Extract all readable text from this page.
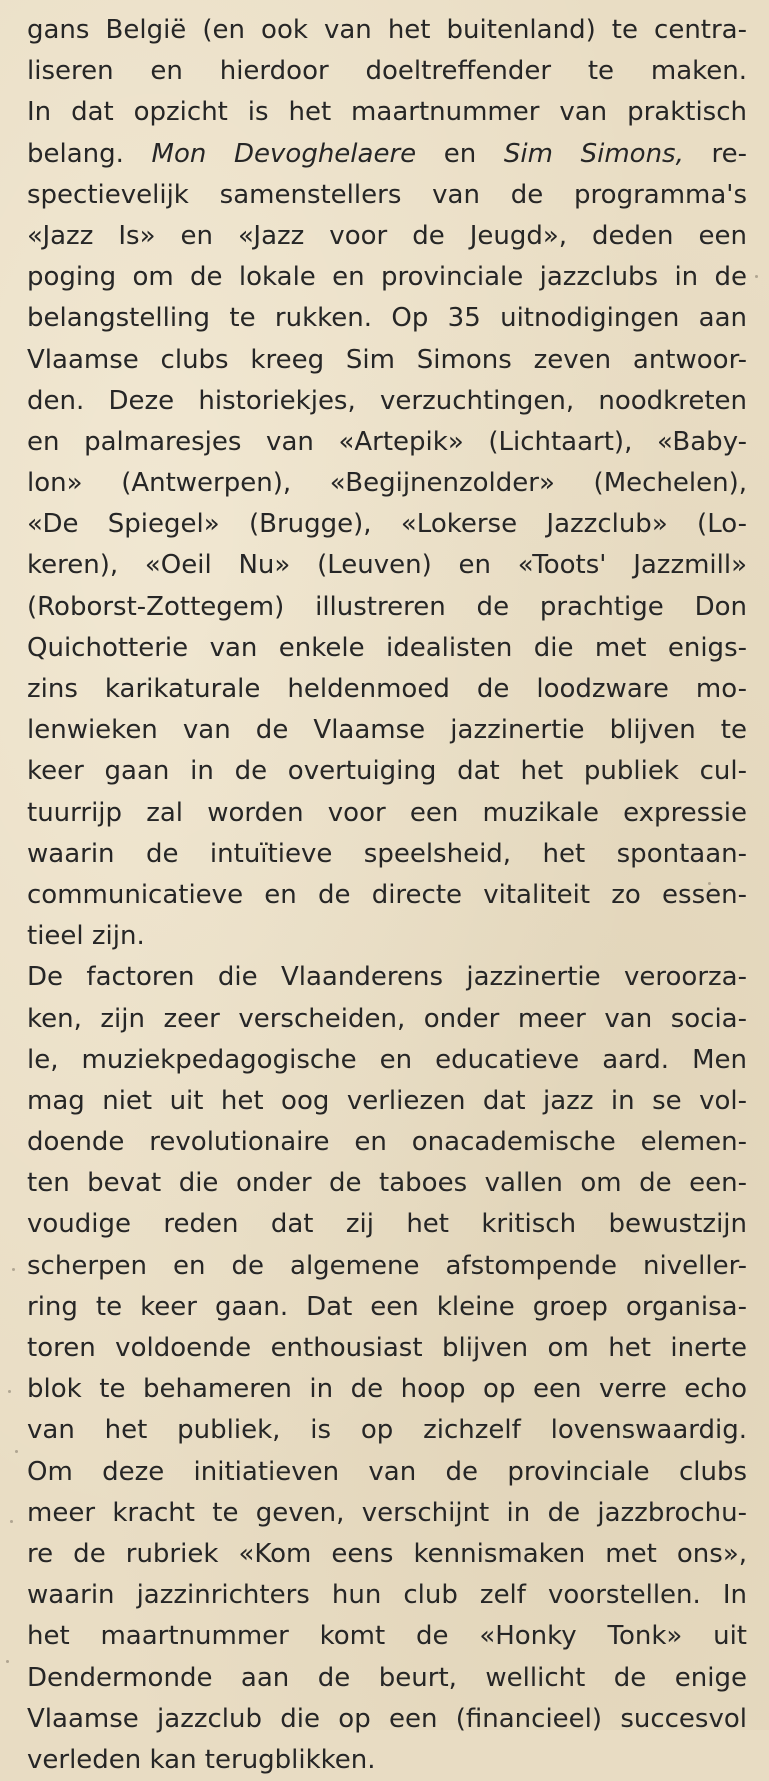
gans België (en ook van het buitenland) te centra-
liseren en hierdoor doeltreffender te maken.
In dat opzicht is het maartnummer van praktisch
belang. Mon Devoghelaere en Sim Simons, re-
spectievelijk samenstellers van de programma's
«Jazz Is» en «Jazz voor de Jeugd», deden een
poging om de lokale en provinciale jazzclubs in de
belangstelling te rukken. Op 35 uitnodigingen aan
Vlaamse clubs kreeg Sim Simons zeven antwoor-
den. Deze historiekjes, verzuchtingen, noodkreten
en palmaresjes van «Artepik» (Lichtaart), «Baby-
lon» (Antwerpen), «Begijnenzolder» (Mechelen),
«De Spiegel» (Brugge), «Lokerse Jazzclub» (Lo-
keren), «Oeil Nu» (Leuven) en «Toots' Jazzmill»
(Roborst-Zottegem) illustreren de prachtige Don
Quichotterie van enkele idealisten die met enigs-
zins karikaturale heldenmoed de loodzware mo-
lenwieken van de Vlaamse jazzinertie blijven te
keer gaan in de overtuiging dat het publiek cul-
tuurrijp zal worden voor een muzikale expressie
waarin de intuïtieve speelsheid, het spontaan-
communicatieve en de directe vitaliteit zo essen-
tieel zijn.
De factoren die Vlaanderens jazzinertie veroorza-
ken, zijn zeer verscheiden, onder meer van socia-
le, muziekpedagogische en educatieve aard. Men
mag niet uit het oog verliezen dat jazz in se vol-
doende revolutionaire en onacademische elemen-
ten bevat die onder de taboes vallen om de een-
voudige reden dat zij het kritisch bewustzijn
scherpen en de algemene afstompende niveller-
ring te keer gaan. Dat een kleine groep organisa-
toren voldoende enthousiast blijven om het inerte
blok te behameren in de hoop op een verre echo
van het publiek, is op zichzelf lovenswaardig.
Om deze initiatieven van de provinciale clubs
meer kracht te geven, verschijnt in de jazzbrochu-
re de rubriek «Kom eens kennismaken met ons»,
waarin jazzinrichters hun club zelf voorstellen. In
het maartnummer komt de «Honky Tonk» uit
Dendermonde aan de beurt, wellicht de enige
Vlaamse jazzclub die op een (financieel) succesvol
verleden kan terugblikken.
